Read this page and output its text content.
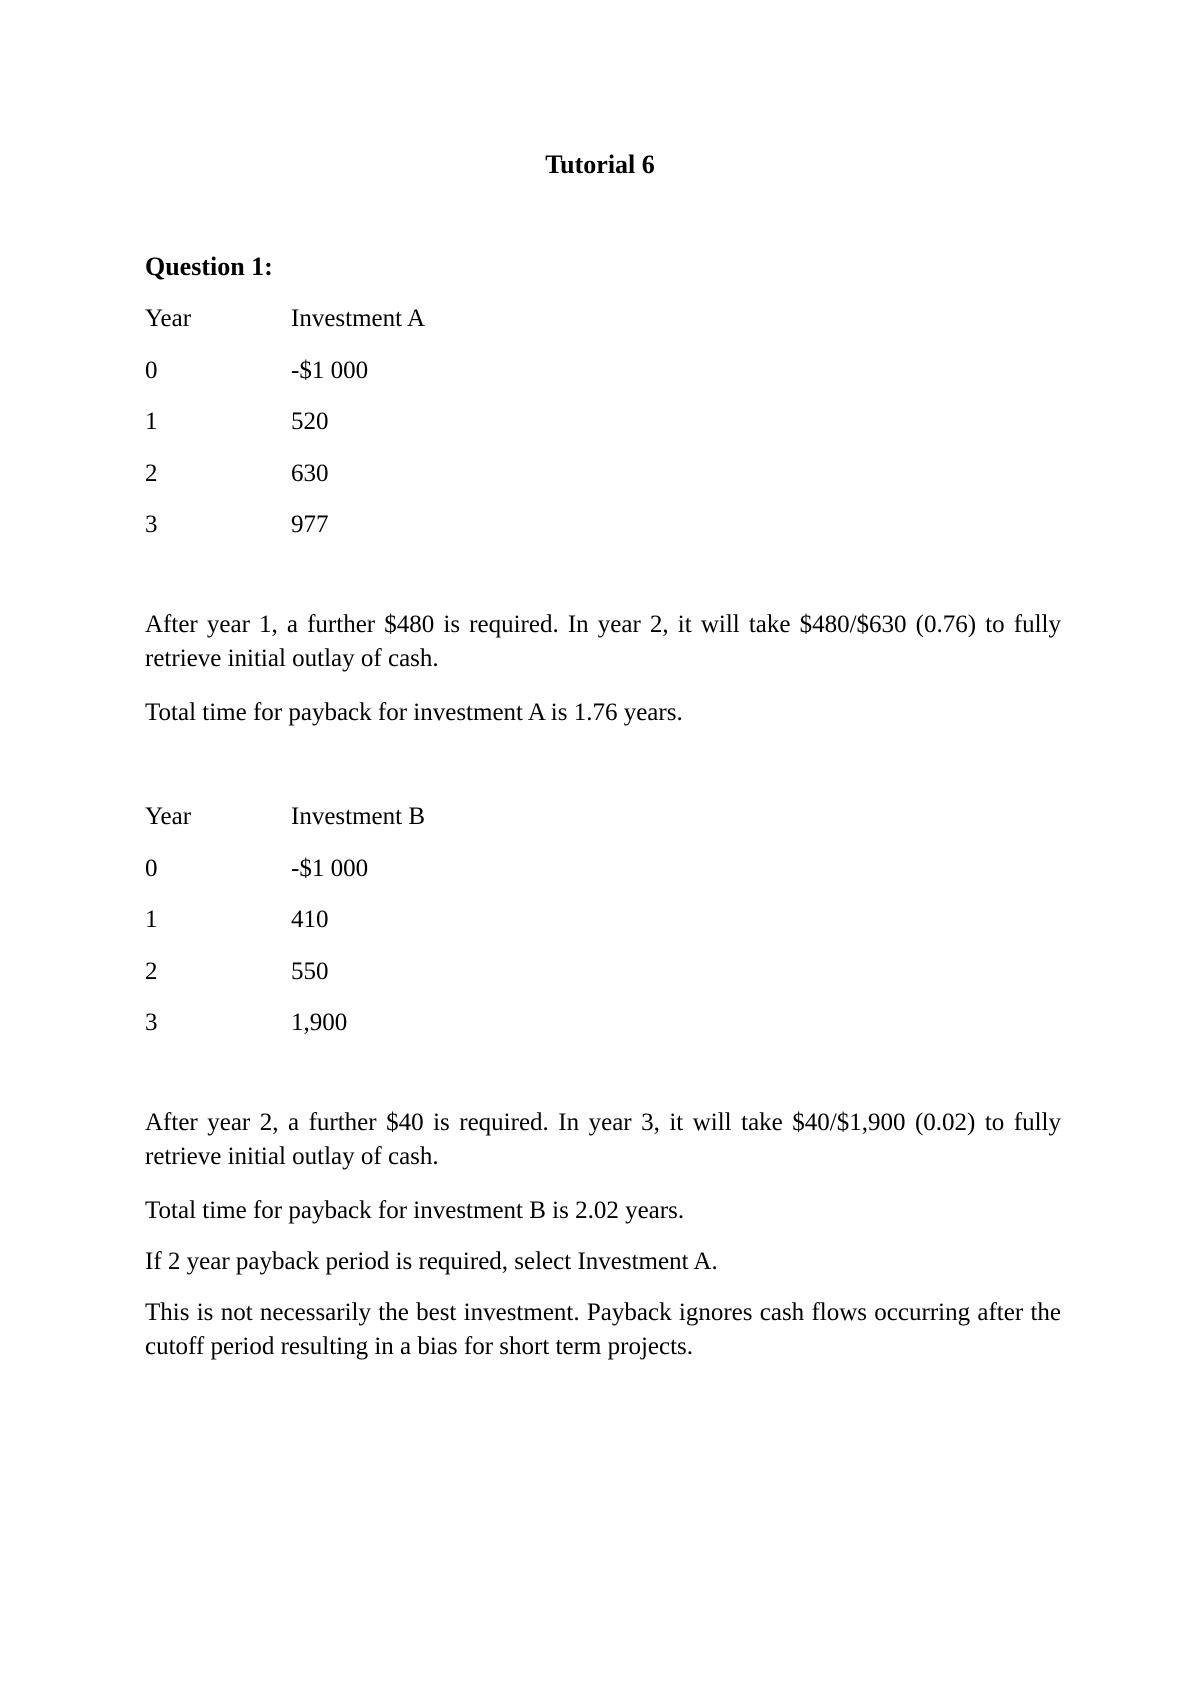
Tutorial 6
Question 1:
Year	Investment A
0	-$1 000
1	520
2	630
3	977

After year 1, a further $480 is required. In year 2, it will take $480/$630 (0.76) to fully retrieve initial outlay of cash.

Total time for payback for investment A is 1.76 years.

Year	Investment B
0	-$1 000
1	410
2	550
3	1,900

After year 2, a further $40 is required. In year 3, it will take $40/$1,900 (0.02) to fully retrieve initial outlay of cash.

Total time for payback for investment B is 2.02 years.

If 2 year payback period is required, select Investment A.

This is not necessarily the best investment. Payback ignores cash flows occurring after the cutoff period resulting in a bias for short term projects.
